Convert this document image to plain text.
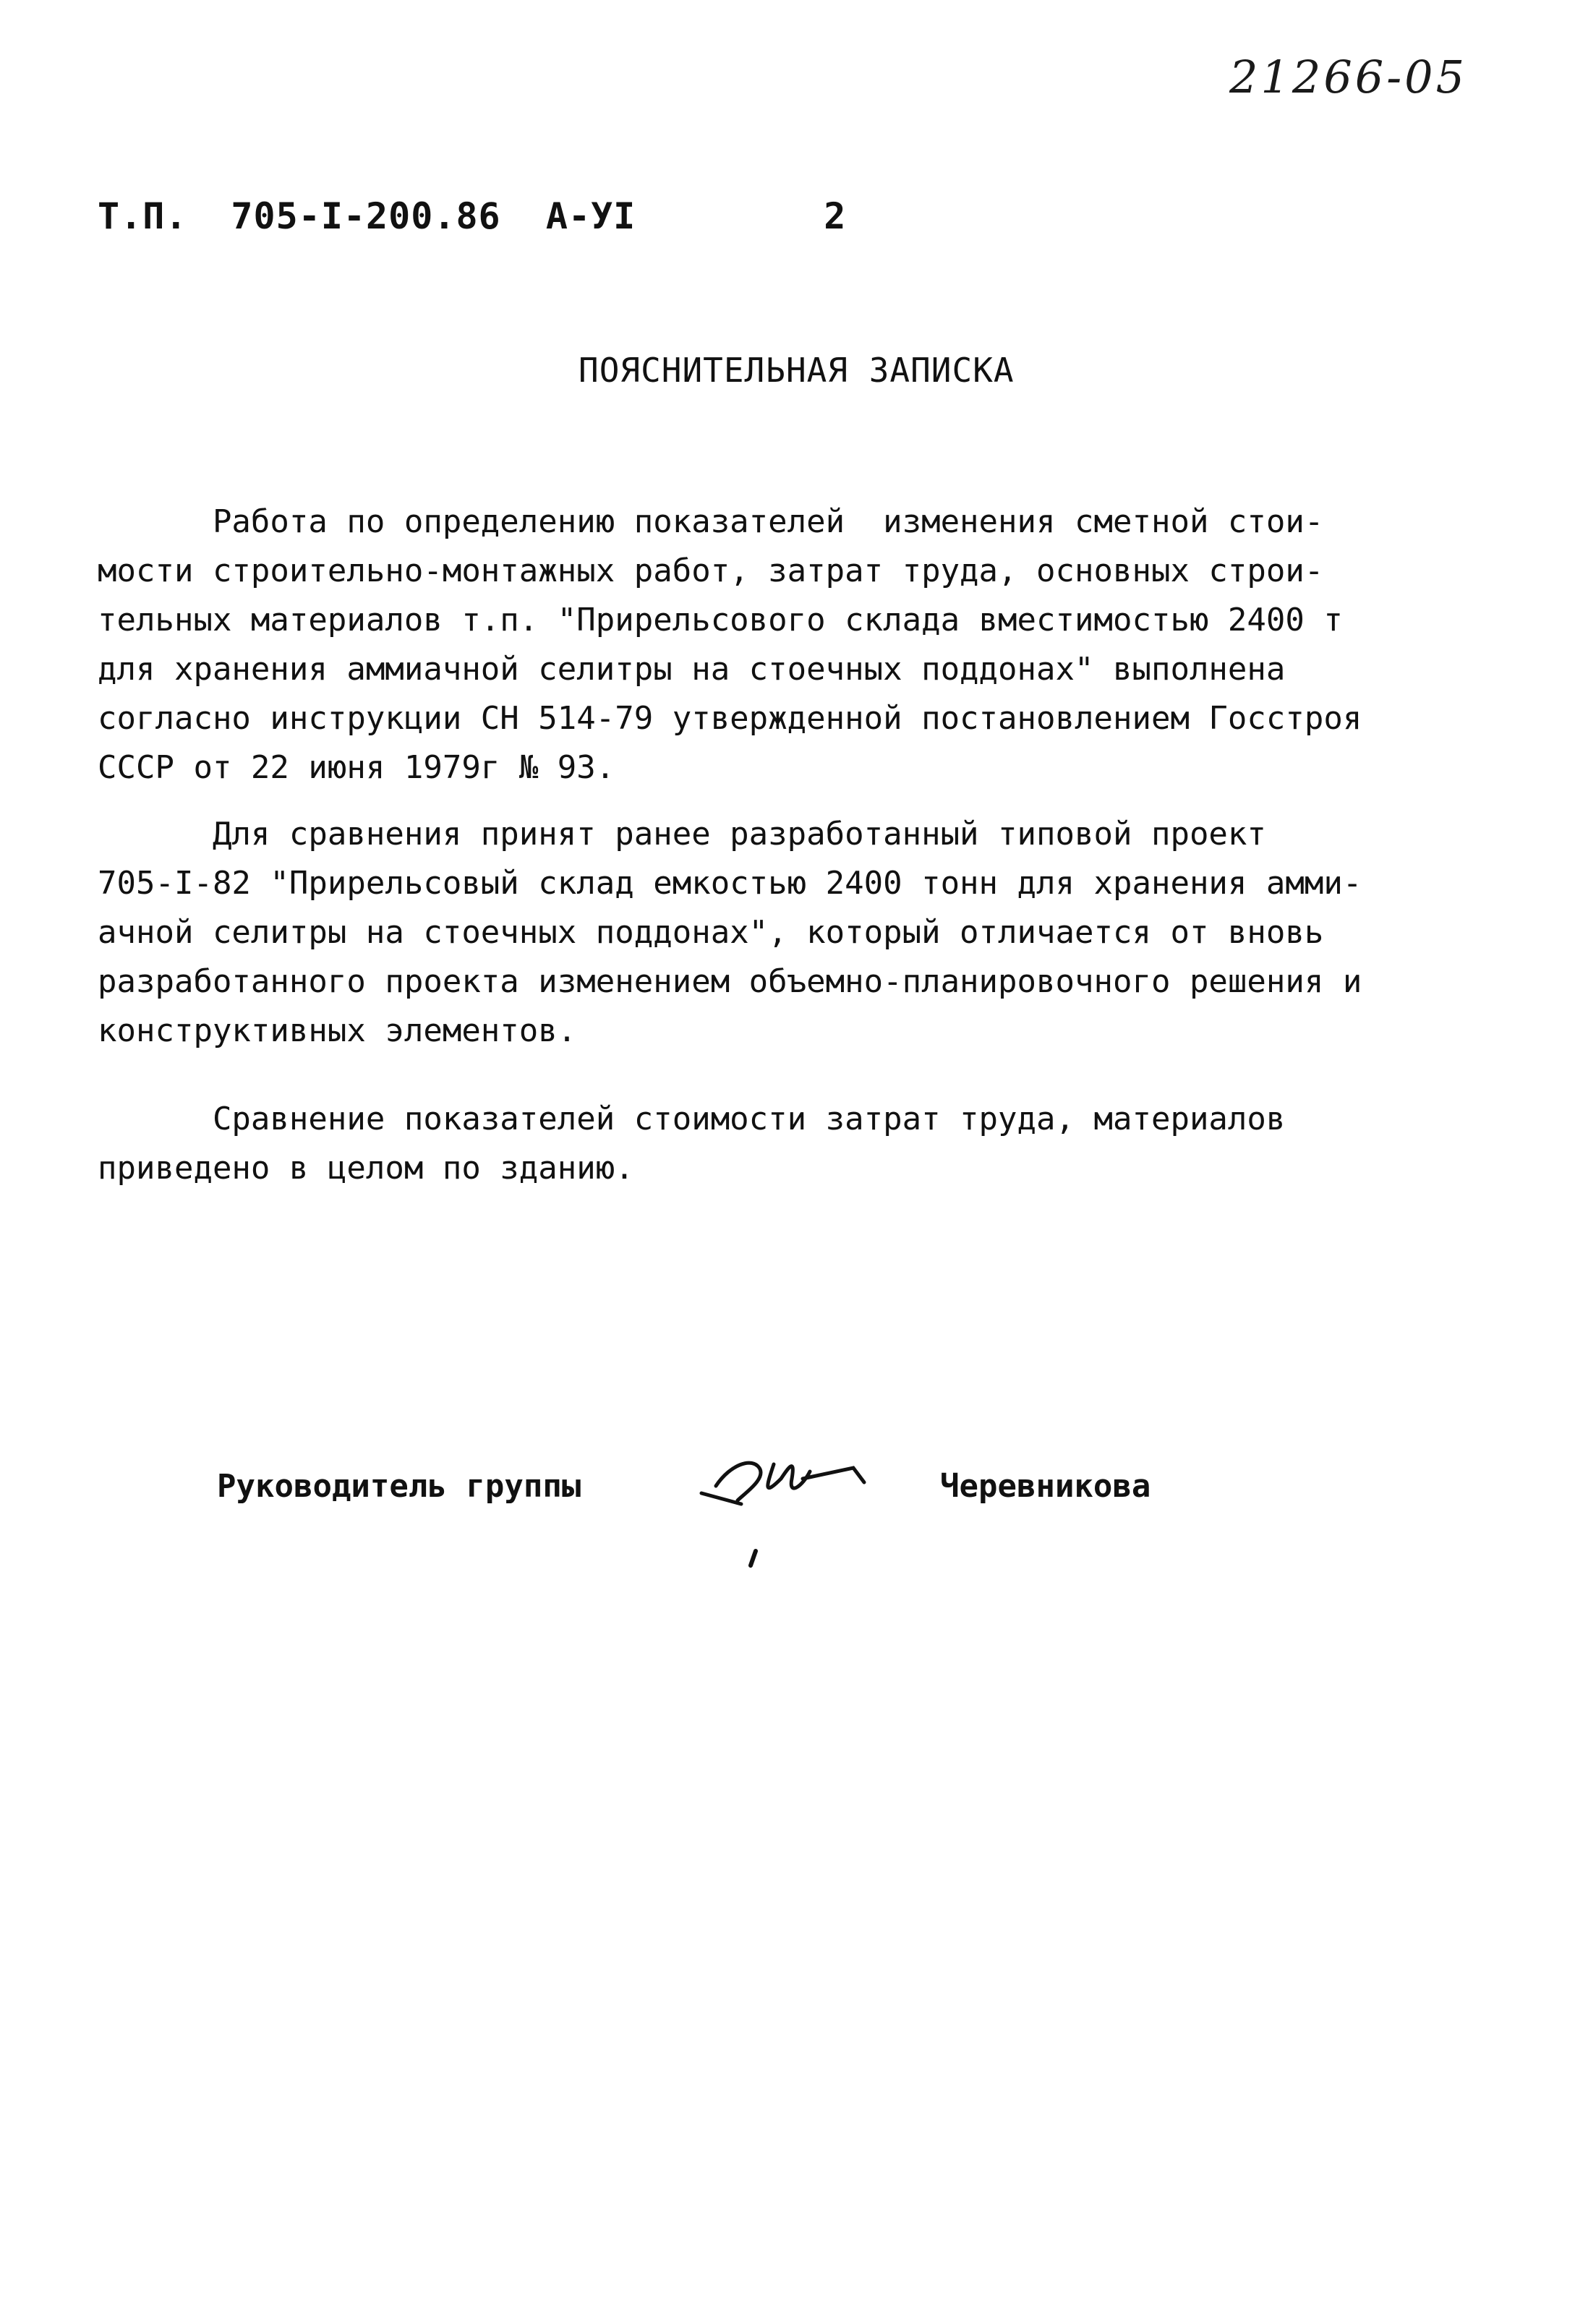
21266-05
Т.П. 705-I-200.86  А-УI	2
ПОЯСНИТЕЛЬНАЯ ЗАПИСКА
Работа по определению показателей  изменения сметной стои-
мости строительно-монтажных работ, затрат труда, основных строи-
тельных материалов т.п. "Прирельсового склада вместимостью 2400 т
для хранения аммиачной селитры на стоечных поддонах" выполнена
согласно инструкции СН 514-79 утвержденной постановлением Госстроя
СССР от 22 июня 1979г № 93.
Для сравнения принят ранее разработанный типовой проект
705-I-82 "Прирельсовый склад емкостью 2400 тонн для хранения амми-
ачной селитры на стоечных поддонах", который отличается от вновь
разработанного проекта изменением объемно-планировочного решения и
конструктивных элементов.
Сравнение показателей стоимости затрат труда, материалов
приведено в целом по зданию.
Руководитель группы	Черевникова
